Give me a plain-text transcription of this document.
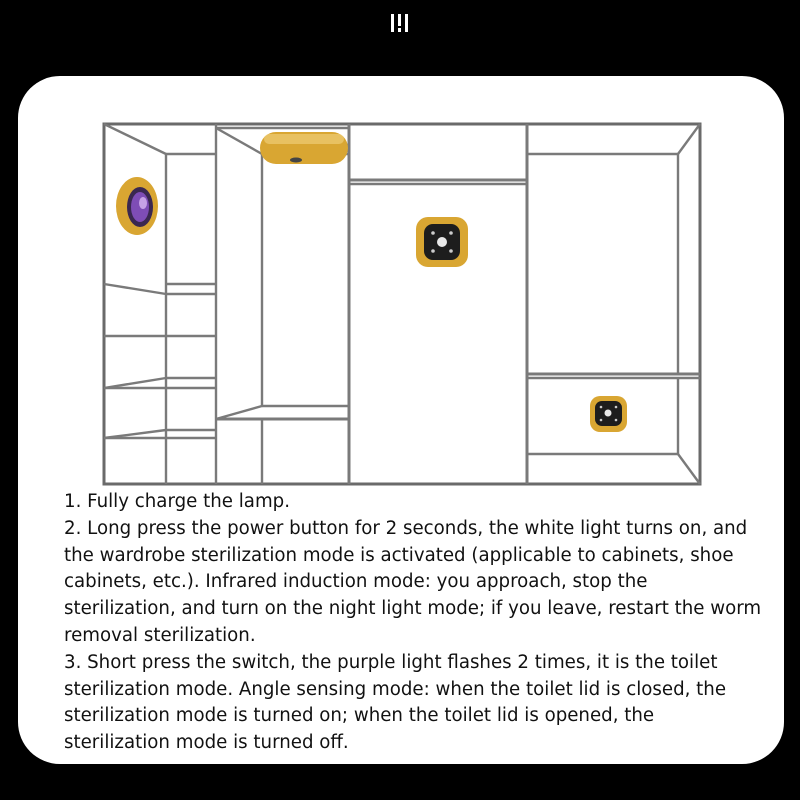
1. Fully charge the lamp.

2. Long press the power button for 2 seconds, the white light turns on, and the wardrobe sterilization mode is activated (applicable to cabinets, shoe cabinets, etc.). Infrared induction mode: you approach, stop the sterilization, and turn on the night light mode; if you leave, restart the worm removal sterilization.

3. Short press the switch, the purple light flashes 2 times, it is the toilet sterilization mode. Angle sensing mode: when the toilet lid is closed, the sterilization mode is turned on; when the toilet lid is opened, the sterilization mode is turned off.
